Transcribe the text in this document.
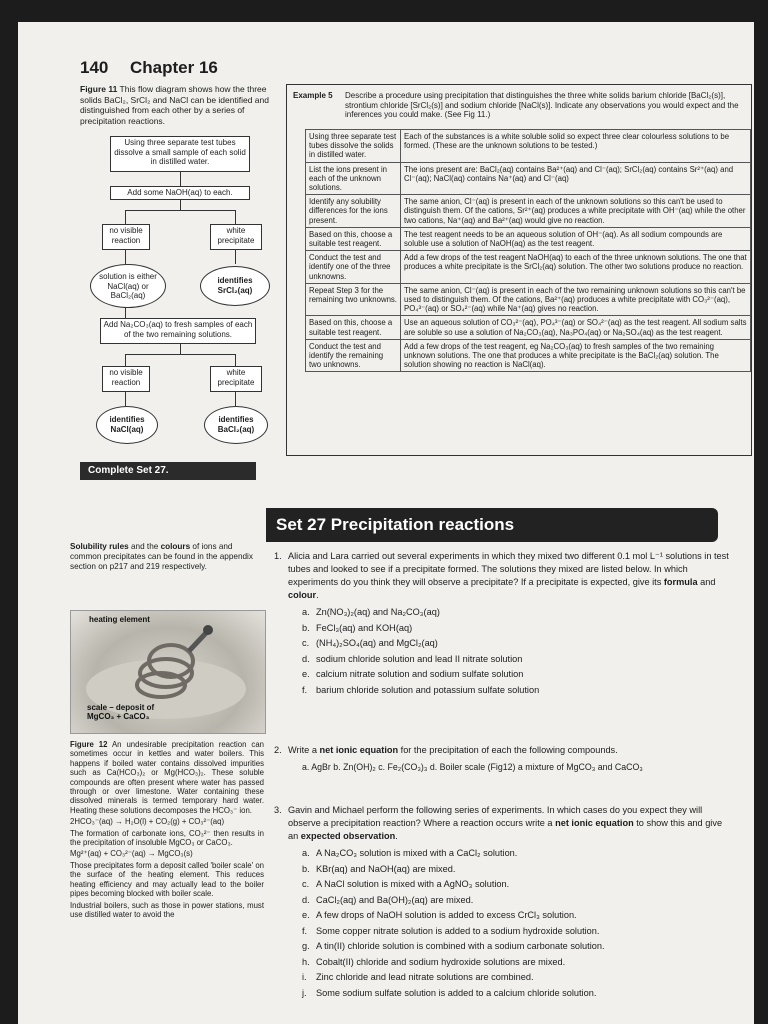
140 Chapter 16
Figure 11 This flow diagram shows how the three solids BaCl₂, SrCl₂ and NaCl can be identified and distinguished from each other by a series of precipitation reactions.
Using three separate test tubes dissolve a small sample of each solid in distilled water.
Add some NaOH(aq) to each.
no visible reaction
white precipitate
solution is either NaCl(aq) or BaCl₂(aq)
identifies SrCl₂(aq)
Add Na₂CO₃(aq) to fresh samples of each of the two remaining solutions.
no visible reaction
white precipitate
identifies NaCl(aq)
identifies BaCl₂(aq)
Complete Set 27.
Example 5 Describe a procedure using precipitation that distinguishes the three white solids barium chloride [BaCl₂(s)], strontium chloride [SrCl₂(s)] and sodium chloride [NaCl(s)]. Indicate any observations you would expect and the inferences you could make. (See Fig 11.)
Using three separate test tubes dissolve the solids in distilled water.	Each of the substances is a white soluble solid so expect three clear colourless solutions to be formed. (These are the unknown solutions to be tested.)
List the ions present in each of the unknown solutions.	The ions present are: BaCl₂(aq) contains Ba²⁺(aq) and Cl⁻(aq); SrCl₂(aq) contains Sr²⁺(aq) and Cl⁻(aq); NaCl(aq) contains Na⁺(aq) and Cl⁻(aq)
Identify any solubility differences for the ions present.	The same anion, Cl⁻(aq) is present in each of the unknown solutions so this can't be used to distinguish them. Of the cations, Sr²⁺(aq) produces a white precipitate with OH⁻(aq) while the other two cations, Na⁺(aq) and Ba²⁺(aq) would give no reaction.
Based on this, choose a suitable test reagent.	The test reagent needs to be an aqueous solution of OH⁻(aq). As all sodium compounds are soluble use a solution of NaOH(aq) as the test reagent.
Conduct the test and identify one of the three unknowns.	Add a few drops of the test reagent NaOH(aq) to each of the three unknown solutions. The one that produces a white precipitate is the SrCl₂(aq) solution. The other two solutions produce no reaction.
Repeat Step 3 for the remaining two unknowns.	The same anion, Cl⁻(aq) is present in each of the two remaining unknown solutions so this can't be used to distinguish them. Of the cations, Ba²⁺(aq) produces a white precipitate with CO₃²⁻(aq), PO₄³⁻(aq) or SO₄²⁻(aq) while Na⁺(aq) gives no reaction.
Based on this, choose a suitable test reagent.	Use an aqueous solution of CO₃²⁻(aq), PO₄³⁻(aq) or SO₄²⁻(aq) as the test reagent. All sodium salts are soluble so use a solution of Na₂CO₃(aq), Na₃PO₄(aq) or Na₂SO₄(aq) as the test reagent.
Conduct the test and identify the remaining two unknowns.	Add a few drops of the test reagent, eg Na₂CO₃(aq) to fresh samples of the two remaining unknown solutions. The one that produces a white precipitate is the BaCl₂(aq) solution. The solution showing no reaction is NaCl(aq).
Set 27 Precipitation reactions
Solubility rules and the colours of ions and common precipitates can be found in the appendix section on p217 and 219 respectively.
heating element
scale – deposit of MgCO₃ + CaCO₃

Figure 12 An undesirable precipitation reaction can sometimes occur in kettles and water boilers. This happens if boiled water contains dissolved impurities such as Ca(HCO₃)₂ or Mg(HCO₃)₂. These soluble compounds are often present where water has passed through or over limestone. Water containing these dissolved minerals is termed temporary hard water. Heating these solutions decomposes the HCO₃⁻ ion.

2HCO₃⁻(aq) → H₂O(l) + CO₂(g) + CO₃²⁻(aq)

The formation of carbonate ions, CO₃²⁻ then results in the precipitation of insoluble MgCO₃ or CaCO₃.

Mg²⁺(aq) + CO₃²⁻(aq) → MgCO₃(s)

Those precipitates form a deposit called 'boiler scale' on the surface of the heating element. This reduces heating efficiency and may actually lead to the boiler pipes becoming blocked with boiler scale.

Industrial boilers, such as those in power stations, must use distilled water to avoid the

1. Alicia and Lara carried out several experiments in which they mixed two different 0.1 mol L⁻¹ solutions in test tubes and looked to see if a precipitate formed. The solutions they mixed are listed below. In which experiments do you think they will observe a precipitate? If a precipitate is expected, give its formula and colour.
a. Zn(NO₃)₂(aq) and Na₂CO₃(aq)
b. FeCl₃(aq) and KOH(aq)
c. (NH₄)₂SO₄(aq) and MgCl₂(aq)
d. sodium chloride solution and lead II nitrate solution
e. calcium nitrate solution and sodium sulfate solution
f. barium chloride solution and potassium sulfate solution
2. Write a net ionic equation for the precipitation of each the following compounds.
a. AgBr b. Zn(OH)₂ c. Fe₂(CO₃)₃ d. Boiler scale (Fig12) a mixture of MgCO₃ and CaCO₃
3. Gavin and Michael perform the following series of experiments. In which cases do you expect they will observe a precipitation reaction? Where a reaction occurs write a net ionic equation to show this and give an expected observation.
a. A Na₂CO₃ solution is mixed with a CaCl₂ solution.
b. KBr(aq) and NaOH(aq) are mixed.
c. A NaCl solution is mixed with a AgNO₃ solution.
d. CaCl₂(aq) and Ba(OH)₂(aq) are mixed.
e. A few drops of NaOH solution is added to excess CrCl₃ solution.
f. Some copper nitrate solution is added to a sodium hydroxide solution.
g. A tin(II) chloride solution is combined with a sodium carbonate solution.
h. Cobalt(II) chloride and sodium hydroxide solutions are mixed.
i. Zinc chloride and lead nitrate solutions are combined.
j. Some sodium sulfate solution is added to a calcium chloride solution.
